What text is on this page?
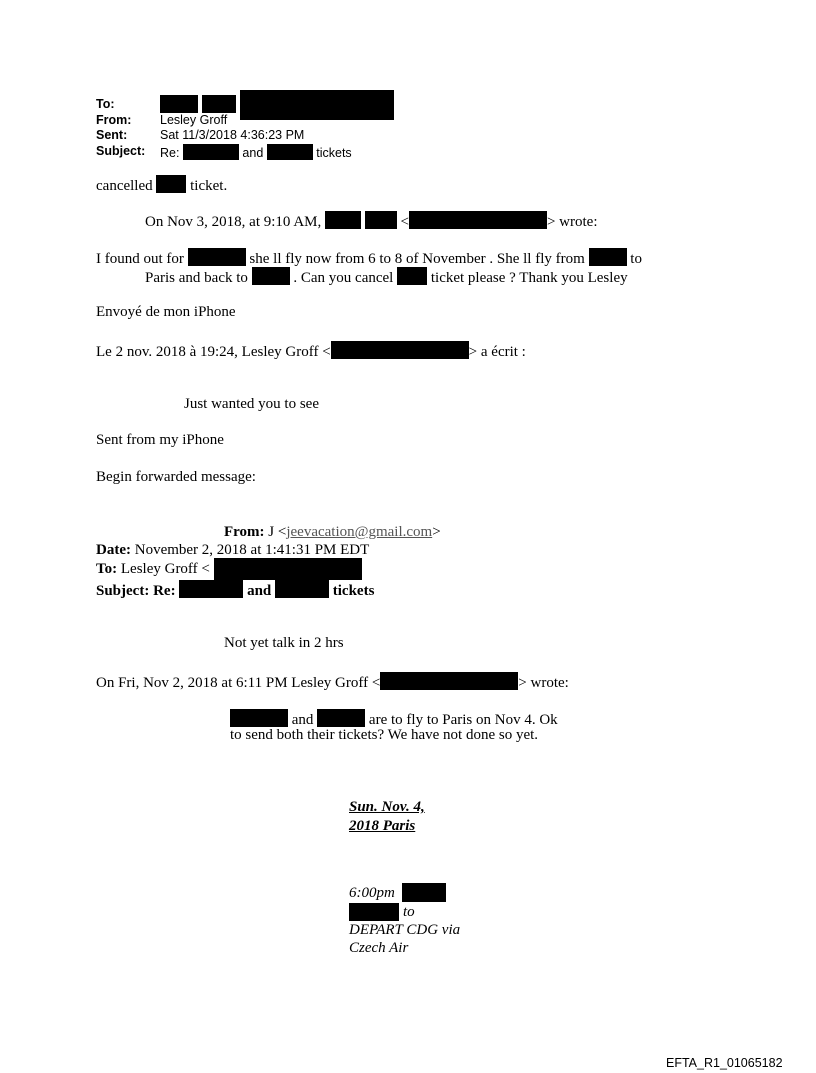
To:
From: Lesley Groff
Sent:	Sat 11/3/2018 4:36:23 PM
Subject: Re:	and	tickets
cancelled	ticket.
On Nov 3, 2018, at 9:10 AM,	<	> wrote:
I found out for	she ll fly now from 6 to 8 of November . She ll fly from	to
Paris and back to	. Can you cancel	ticket please ? Thank you Lesley
Envoyé de mon iPhone
Le 2 nov. 2018 à 19:24, Lesley Groff <	> a écrit :
Just wanted you to see
Sent from my iPhone
Begin forwarded message:
From: J <jeevacation@gmail.com>
Date: November 2, 2018 at 1:41:31 PM EDT
To: Lesley Groff <
Subject: Re:	and	tickets
Not yet talk in 2 hrs
On Fri, Nov 2, 2018 at 6:11 PM Lesley Groff <	> wrote:
and	are to fly to Paris on Nov 4. Ok
to send both their tickets? We have not done so yet.
Sun. Nov. 4,
2018 Paris
6:00pm
to
DEPART CDG via
Czech Air
EFTA_R1_01065182
